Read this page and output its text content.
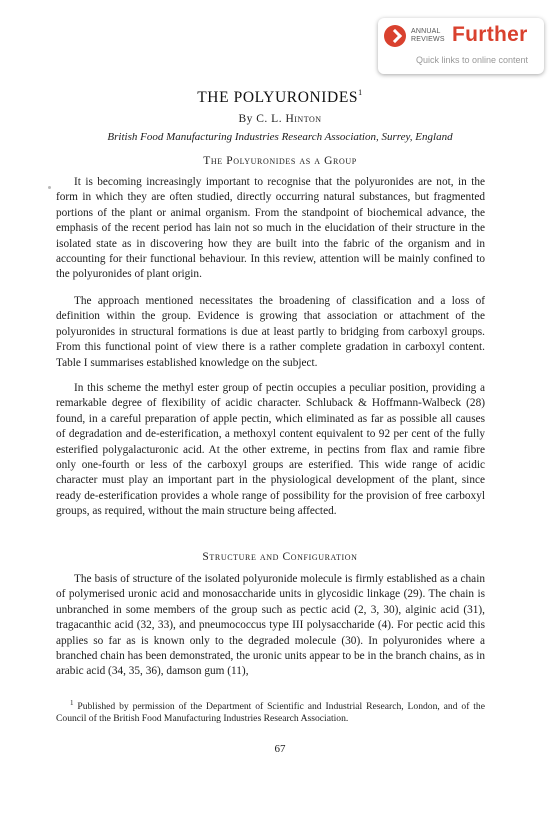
ANNUAL REVIEWS Further
Quick links to online content
THE POLYURONIDES$^1$
By C. L. Hinton
British Food Manufacturing Industries Research Association, Surrey, England
The Polyuronides as a Group

It is becoming increasingly important to recognise that the polyuronides are not, in the form in which they are often studied, directly occurring natural substances, but fragmented portions of the plant or animal organism. From the standpoint of biochemical advance, the emphasis of the recent period has lain not so much in the elucidation of their structure in the isolated state as in discovering how they are built into the fabric of the organism and in accounting for their functional behaviour. In this review, attention will be mainly confined to the polyuronides of plant origin.

The approach mentioned necessitates the broadening of classification and a loss of definition within the group. Evidence is growing that association or attachment of the polyuronides in structural formations is due at least partly to bridging from carboxyl groups. From this functional point of view there is a rather complete gradation in carboxyl content. Table I summarises established knowledge on the subject.

In this scheme the methyl ester group of pectin occupies a peculiar position, providing a remarkable degree of flexibility of acidic character. Schluback & Hoffmann-Walbeck (28) found, in a careful preparation of apple pectin, which eliminated as far as possible all causes of degradation and de-esterification, a methoxyl content equivalent to 92 per cent of the fully esterified polygalacturonic acid. At the other extreme, in pectins from flax and ramie fibre only one-fourth or less of the carboxyl groups are esterified. This wide range of acidic character must play an important part in the physiological development of the plant, since ready de-esterification provides a whole range of possibility for the provision of free carboxyl groups, as required, without the main structure being affected.

Structure and Configuration

The basis of structure of the isolated polyuronide molecule is firmly established as a chain of polymerised uronic acid and monosaccharide units in glycosidic linkage (29). The chain is unbranched in some members of the group such as pectic acid (2, 3, 30), alginic acid (31), tragacanthic acid (32, 33), and pneumococcus type III polysaccharide (4). For pectic acid this applies so far as is known only to the degraded molecule (30). In polyuronides where a branched chain has been demonstrated, the uronic units appear to be in the branch chains, as in arabic acid (34, 35, 36), damson gum (11),

$^1$ Published by permission of the Department of Scientific and Industrial Research, London, and of the Council of the British Food Manufacturing Industries Research Association.

67
